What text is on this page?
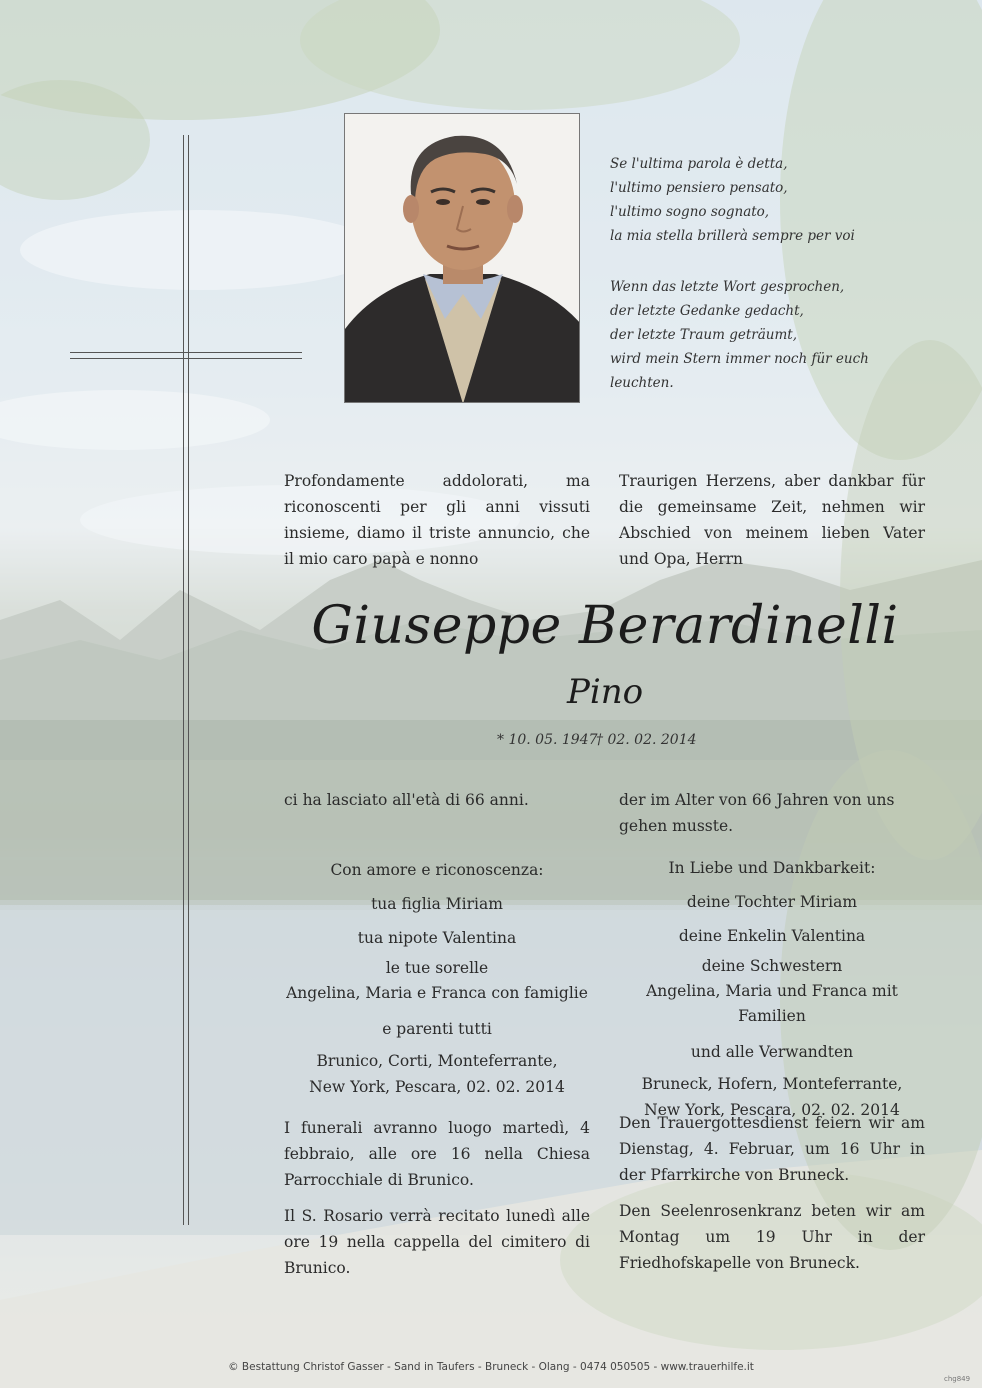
Se l'ultima parola è detta,
l'ultimo pensiero pensato,
l'ultimo sogno sognato,
la mia stella brillerà sempre per voi
Wenn das letzte Wort gesprochen,
der letzte Gedanke gedacht,
der letzte Traum geträumt,
wird mein Stern immer noch für euch leuchten.
Profondamente addolorati, ma riconoscenti per gli anni vissuti insieme, diamo il triste annuncio, che il mio caro papà e nonno
Traurigen Herzens, aber dankbar für die gemeinsame Zeit, nehmen wir Abschied von meinem lieben Vater und Opa, Herrn
Giuseppe Berardinelli
Pino
* 10. 05. 1947
† 02. 02. 2014
ci ha lasciato all'età di 66 anni.	der im Alter von 66 Jahren von uns gehen musste.
Con amore e riconoscenza:
tua figlia Miriam
tua nipote Valentina
le tue sorelle
Angelina, Maria e Franca con famiglie
e parenti tutti
Brunico, Corti, Monteferrante,
New York, Pescara, 02. 02. 2014
In Liebe und Dankbarkeit:
deine Tochter Miriam
deine Enkelin Valentina
deine Schwestern
Angelina, Maria und Franca mit Familien
und alle Verwandten
Bruneck, Hofern, Monteferrante,
New York, Pescara, 02. 02. 2014
I funerali avranno luogo martedì, 4 febbraio, alle ore 16 nella Chiesa Parrocchiale di Brunico.
Den Trauergottesdienst feiern wir am Dienstag, 4. Februar, um 16 Uhr in der Pfarrkirche von Bruneck.
Il S. Rosario verrà recitato lunedì alle ore 19 nella cappella del cimitero di Brunico.
Den Seelenrosenkranz beten wir am Montag um 19 Uhr in der Friedhofskapelle von Bruneck.
© Bestattung Christof Gasser - Sand in Taufers - Bruneck - Olang - 0474 050505 - www.trauerhilfe.it
chg849
